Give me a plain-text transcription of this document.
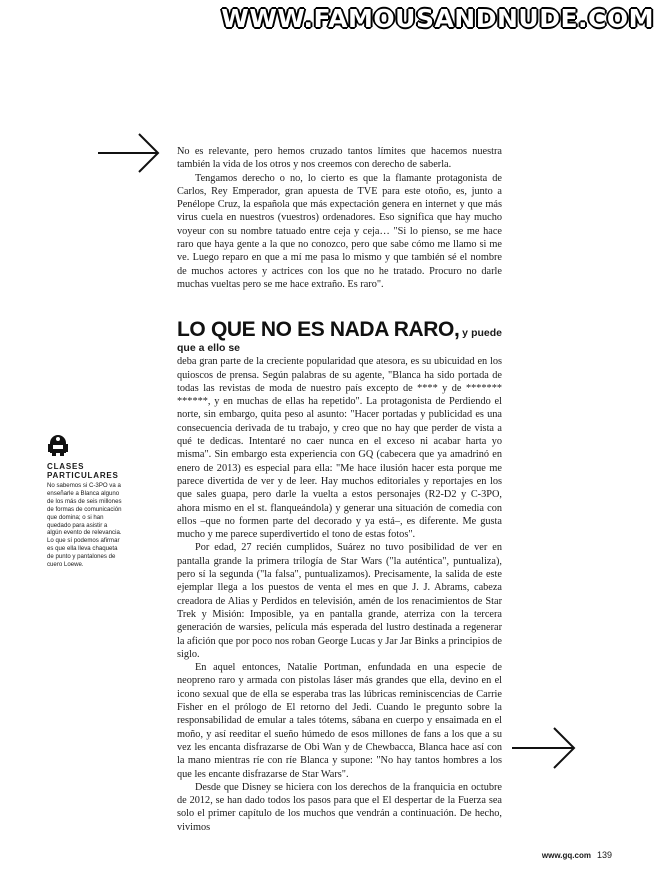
WWW.FAMOUSANDNUDE.COM

No es relevante, pero hemos cruzado tantos límites que hacemos nuestra también la vida de los otros y nos creemos con derecho de saberla.

Tengamos derecho o no, lo cierto es que la flamante protagonista de Carlos, Rey Emperador, gran apuesta de TVE para este otoño, es, junto a Penélope Cruz, la española que más expectación genera en internet y que más virus cuela en nuestros (vuestros) ordenadores. Eso significa que hay mucho voyeur con su nombre tatuado entre ceja y ceja… "Si lo pienso, se me hace raro que haya gente a la que no conozco, pero que sabe cómo me llamo si me ve. Luego reparo en que a mí me pasa lo mismo y que también sé el nombre de muchos actores y actrices con los que no he tratado. Procuro no darle muchas vueltas pero se me hace extraño. Es raro".

LO QUE NO ES NADA RARO, y puede que a ello se

deba gran parte de la creciente popularidad que atesora, es su ubicuidad en los quioscos de prensa. Según palabras de su agente, "Blanca ha sido portada de todas las revistas de moda de nuestro país excepto de **** y de ******* ******, y en muchas de ellas ha repetido". La protagonista de Perdiendo el norte, sin embargo, quita peso al asunto: "Hacer portadas y publicidad es una consecuencia derivada de tu trabajo, y creo que no hay que perder de vista a qué te dedicas. Intentaré no caer nunca en el exceso ni acabar harta yo misma". Sin embargo esta experiencia con GQ (cabecera que ya amadrinó en enero de 2013) es especial para ella: "Me hace ilusión hacer esta porque me parece divertida de ver y de leer. Hay muchos editoriales y reportajes en los que sales guapa, pero darle la vuelta a estos personajes (R2-D2 y C-3PO, ahora mismo en el st. flanqueándola) y generar una situación de comedia con ellos –que no formen parte del decorado y ya está–, es diferente. Me gusta mucho y me parece superdivertido el tono de estas fotos".

Por edad, 27 recién cumplidos, Suárez no tuvo posibilidad de ver en pantalla grande la primera trilogía de Star Wars ("la auténtica", puntualiza), pero sí la segunda ("la falsa", puntualizamos). Precisamente, la salida de este ejemplar llega a los puestos de venta el mes en que J. J. Abrams, cabeza creadora de Alias y Perdidos en televisión, amén de los renacimientos de Star Trek y Misión: Imposible, ya en pantalla grande, aterriza con la tercera generación de warsies, película más esperada del lustro destinada a regenerar la afición que por poco nos roban George Lucas y Jar Jar Binks a principios de siglo.

En aquel entonces, Natalie Portman, enfundada en una especie de neopreno raro y armada con pistolas láser más grandes que ella, devino en el icono sexual que de ella se esperaba tras las lúbricas reminiscencias de Carrie Fisher en el prólogo de El retorno del Jedi. Cuando le pregunto sobre la responsabilidad de emular a tales tótems, sábana en cuerpo y ensaimada en el moño, y así reeditar el sueño húmedo de esos millones de fans a los que a su vez les encanta disfrazarse de Obi Wan y de Chewbacca, Blanca hace así con la mano mientras ríe con ríe Blanca y supone: "No hay tantos hombres a los que les encante disfrazarse de Star Wars".

Desde que Disney se hiciera con los derechos de la franquicia en octubre de 2012, se han dado todos los pasos para que el El despertar de la Fuerza sea solo el primer capítulo de los muchos que vendrán a continuación. De hecho, vivimos

CLASES PARTICULARES

No sabemos si C-3PO va a enseñarle a Blanca alguno de los más de seis millones de formas de comunicación que domina; o si han quedado para asistir a algún evento de relevancia. Lo que sí podemos afirmar es que ella lleva chaqueta de punto y pantalones de cuero Loewe.

www.gq.com 139
